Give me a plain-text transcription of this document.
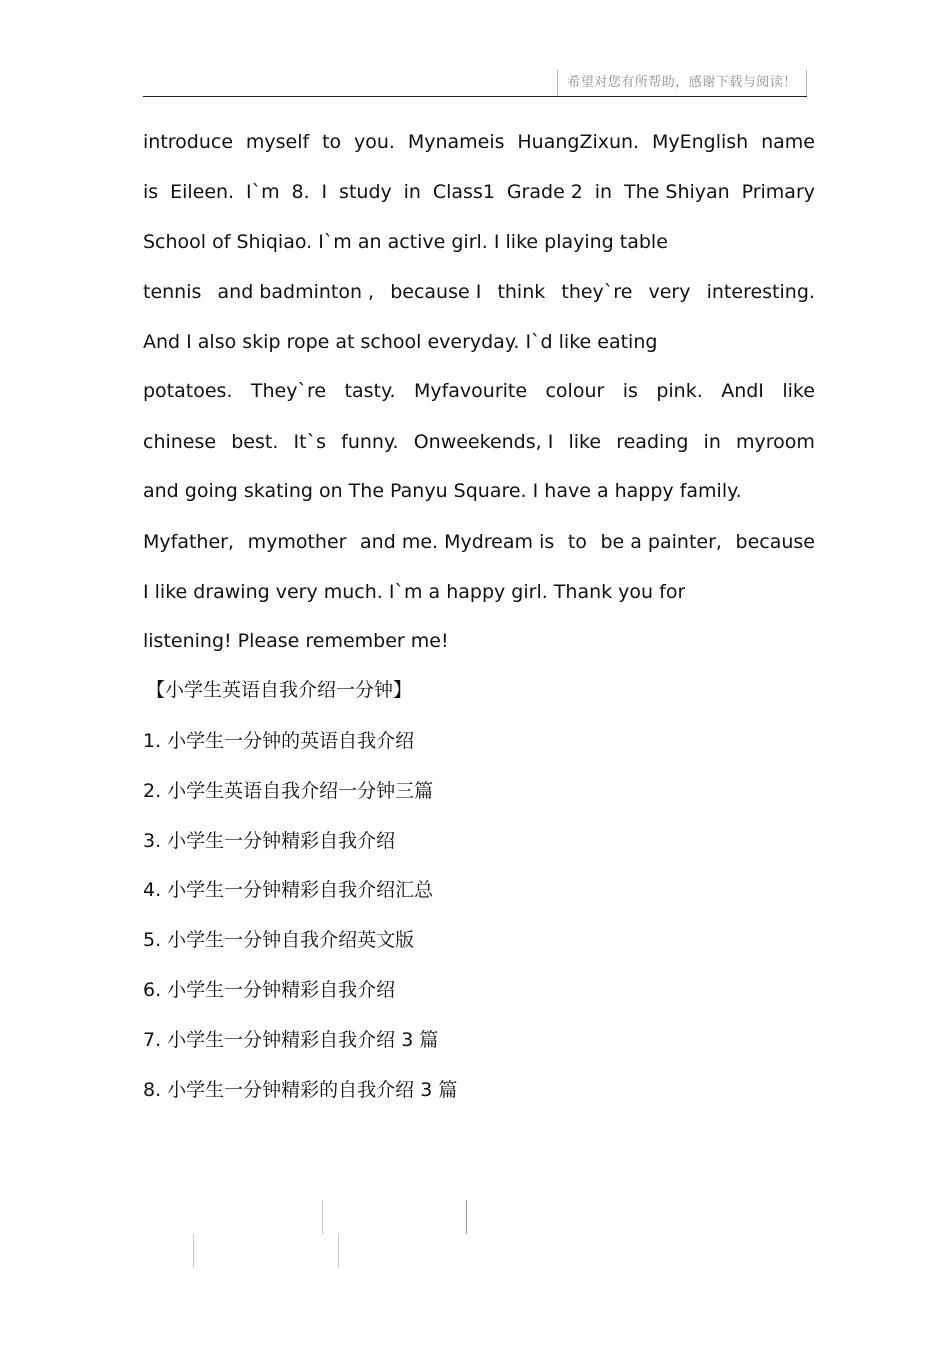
希望对您有所帮助，感谢下载与阅读！
introduce myself to you. Mynameis HuangZixun. MyEnglish name
is Eileen. I`m 8. I study in Class1 Grade 2 in The Shiyan Primary
School of Shiqiao. I`m an active girl. I like playing table
tennis and badminton , because I think they`re very interesting.
And I also skip rope at school everyday. I`d like eating
potatoes. They`re tasty. Myfavourite colour is pink. AndI like
chinese best. It`s funny. Onweekends, I like reading in myroom
and going skating on The Panyu Square. I have a happy family.
Myfather, mymother and me. Mydream is to be a painter, because
I like drawing very much. I`m a happy girl. Thank you for
listening! Please remember me!
【小学生英语自我介绍一分钟】
1. 小学生一分钟的英语自我介绍
2. 小学生英语自我介绍一分钟三篇
3. 小学生一分钟精彩自我介绍
4. 小学生一分钟精彩自我介绍汇总
5. 小学生一分钟自我介绍英文版
6. 小学生一分钟精彩自我介绍
7. 小学生一分钟精彩自我介绍 3 篇
8. 小学生一分钟精彩的自我介绍 3 篇
